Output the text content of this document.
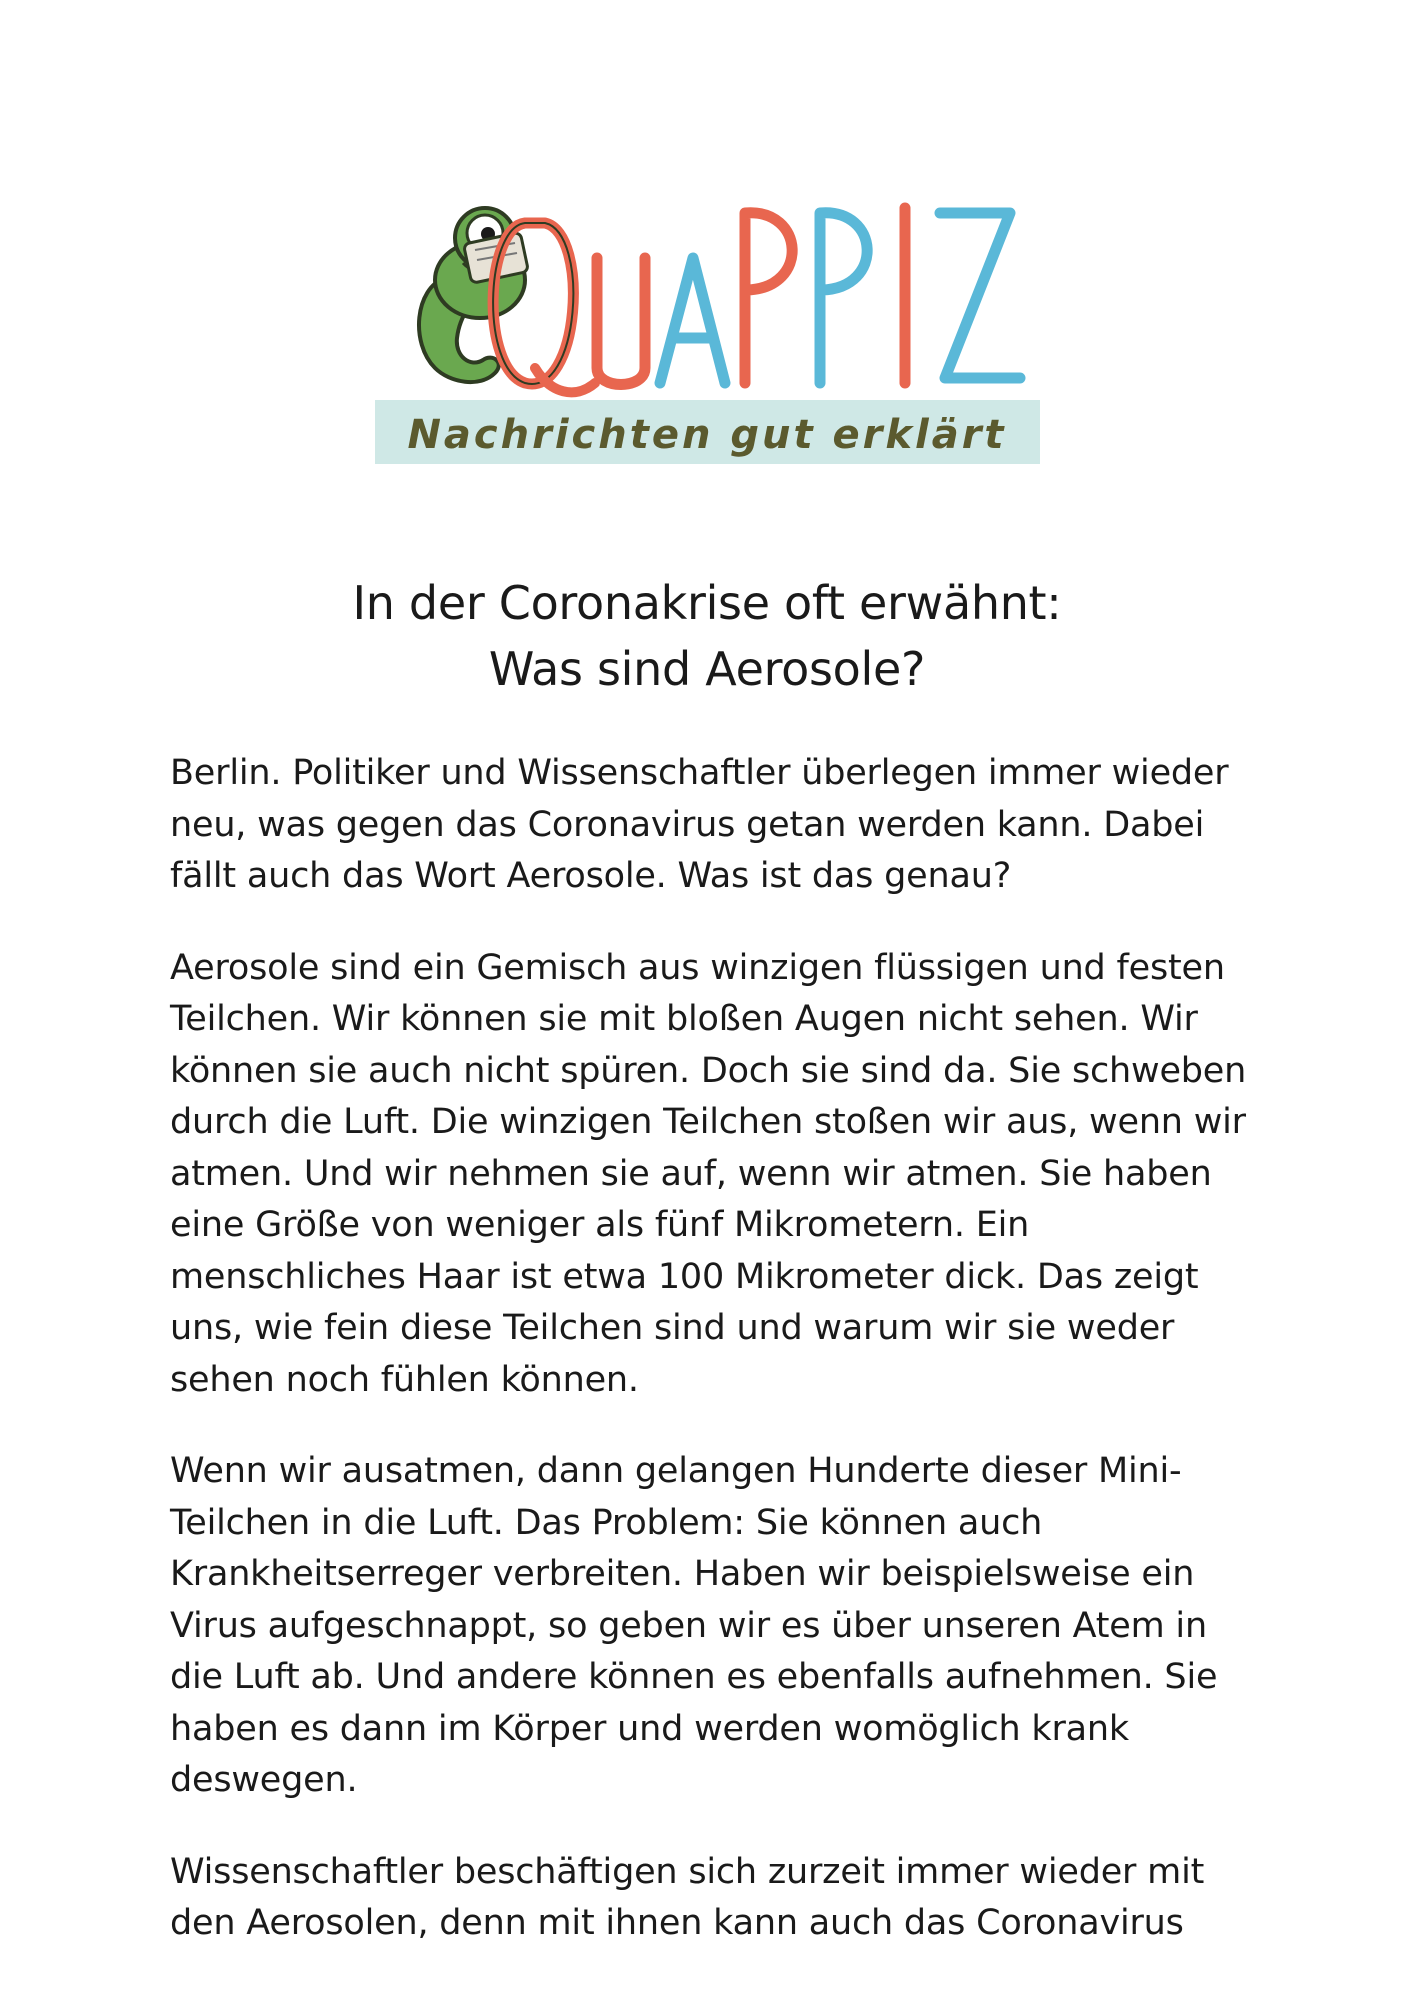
Nachrichten gut erklärt
In der Coronakrise oft erwähnt:
Was sind Aerosole?

Berlin. Politiker und Wissenschaftler überlegen immer wieder neu, was gegen das Coronavirus getan werden kann. Dabei fällt auch das Wort Aerosole. Was ist das genau?

Aerosole sind ein Gemisch aus winzigen flüssigen und festen Teilchen. Wir können sie mit bloßen Augen nicht sehen. Wir können sie auch nicht spüren. Doch sie sind da. Sie schweben durch die Luft. Die winzigen Teilchen stoßen wir aus, wenn wir atmen. Und wir nehmen sie auf, wenn wir atmen. Sie haben eine Größe von weniger als fünf Mikrometern. Ein menschliches Haar ist etwa 100 Mikrometer dick. Das zeigt uns, wie fein diese Teilchen sind und warum wir sie weder sehen noch fühlen können.

Wenn wir ausatmen, dann gelangen Hunderte dieser Mini-Teilchen in die Luft. Das Problem: Sie können auch Krankheitserreger verbreiten. Haben wir beispielsweise ein Virus aufgeschnappt, so geben wir es über unseren Atem in die Luft ab. Und andere können es ebenfalls aufnehmen. Sie haben es dann im Körper und werden womöglich krank deswegen.

Wissenschaftler beschäftigen sich zurzeit immer wieder mit den Aerosolen, denn mit ihnen kann auch das Coronavirus
